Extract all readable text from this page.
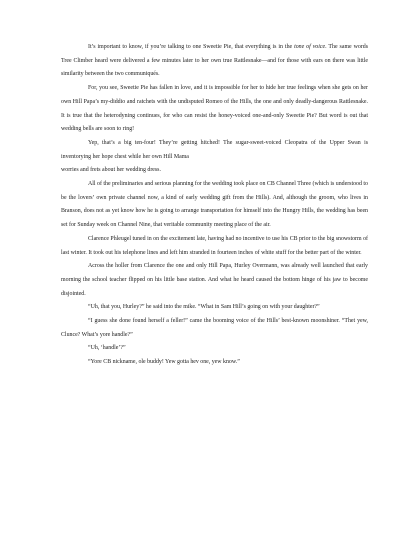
It’s important to know, if you’re talking to one Sweetie Pie, that everything is in the tone of voice. The same words Tree Climber heard were delivered a few minutes later to her own true Rattlesnake—and for those with ears on there was little similarity between the two communiqués.

For, you see, Sweetie Pie has fallen in love, and it is impossible for her to hide her true feelings when she gets on her own Hill Papa’s my-diddio and ratchets with the undisputed Romeo of the Hills, the one and only deadly-dangerous Rattlesnake. It is true that the heterodyning continues, for who can resist the honey-voiced one-and-only Sweetie Pie? But word is out that wedding bells are soon to ring!

Yep, that’s a big ten-four! They’re getting hitched! The sugar-sweet-voiced Cleopatra of the Upper Swan is inventorying her hope chest while her own Hill Mama

worries and frets about her wedding dress.

All of the preliminaries and serious planning for the wedding took place on CB Channel Three (which is understood to be the lovers’ own private channel now, a kind of early wedding gift from the Hills). And, although the groom, who lives in Branson, does not as yet know how he is going to arrange transportation for himself into the Hungry Hills, the wedding has been set for Sunday week on Channel Nine, that veritable community meeting place of the air.

Clarence Phleugel tuned in on the excitement late, having had no incentive to use his CB prior to the big snowstorm of last winter. It took out his telephone lines and left him stranded in fourteen inches of white stuff for the better part of the winter.

Across the holler from Clarence the one and only Hill Papa, Hurley Overmann, was already well launched that early morning the school teacher flipped on his little base station. And what he heard caused the bottom hinge of his jaw to become disjointed.

“Uh, that you, Hurley?” he said into the mike. “What in Sam Hill’s going on with your daughter?”

“I guess she done found herself a feller!” came the booming voice of the Hills’ best-known moonshiner. “Thet yew, Clunce? What’s yore handle?”

“Uh, ‘handle’?”

“Yore CB nickname, ole buddy! Yew gotta hev one, yew know.”
